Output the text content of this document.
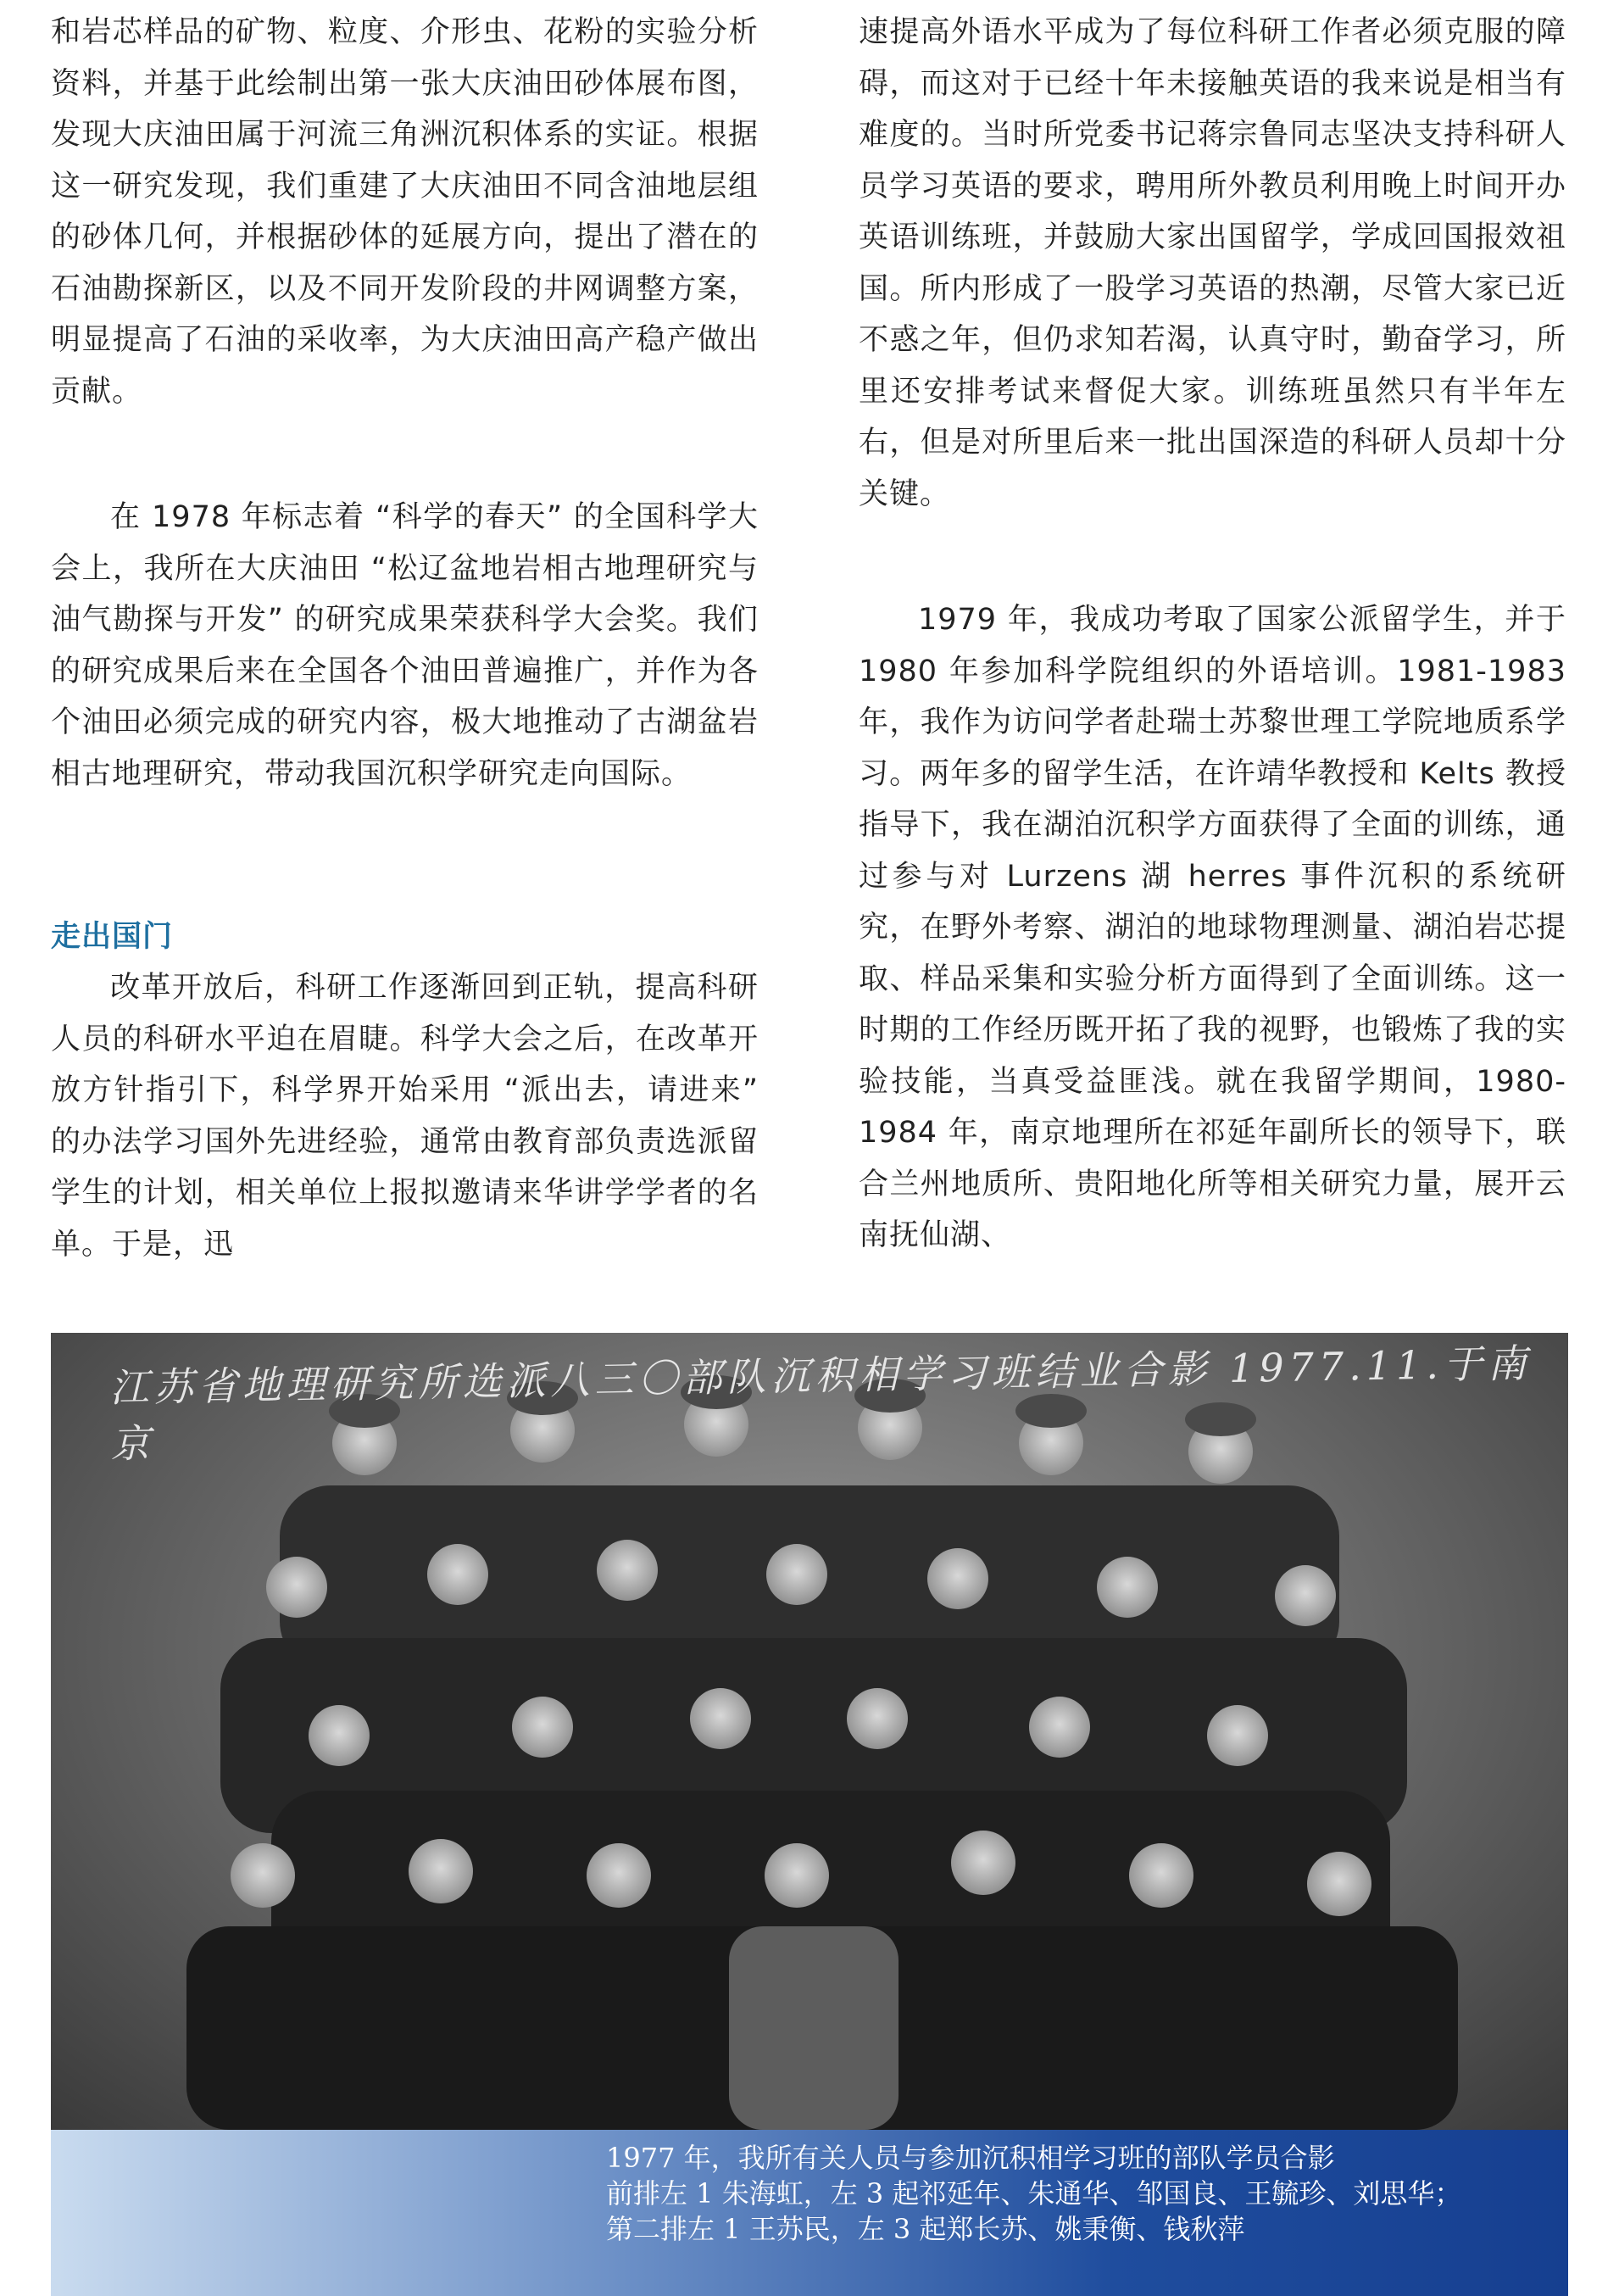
和岩芯样品的矿物、粒度、介形虫、花粉的实验分析资料，并基于此绘制出第一张大庆油田砂体展布图，发现大庆油田属于河流三角洲沉积体系的实证。根据这一研究发现，我们重建了大庆油田不同含油地层组的砂体几何，并根据砂体的延展方向，提出了潜在的石油勘探新区，以及不同开发阶段的井网调整方案，明显提高了石油的采收率，为大庆油田高产稳产做出贡献。

在 1978 年标志着 “科学的春天” 的全国科学大会上，我所在大庆油田 “松辽盆地岩相古地理研究与油气勘探与开发” 的研究成果荣获科学大会奖。我们的研究成果后来在全国各个油田普遍推广，并作为各个油田必须完成的研究内容，极大地推动了古湖盆岩相古地理研究，带动我国沉积学研究走向国际。

走出国门

改革开放后，科研工作逐渐回到正轨，提高科研人员的科研水平迫在眉睫。科学大会之后，在改革开放方针指引下，科学界开始采用 “派出去，请进来” 的办法学习国外先进经验，通常由教育部负责选派留学生的计划，相关单位上报拟邀请来华讲学学者的名单。于是，迅

速提高外语水平成为了每位科研工作者必须克服的障碍，而这对于已经十年未接触英语的我来说是相当有难度的。当时所党委书记蒋宗鲁同志坚决支持科研人员学习英语的要求，聘用所外教员利用晚上时间开办英语训练班，并鼓励大家出国留学，学成回国报效祖国。所内形成了一股学习英语的热潮，尽管大家已近不惑之年，但仍求知若渴，认真守时，勤奋学习，所里还安排考试来督促大家。训练班虽然只有半年左右，但是对所里后来一批出国深造的科研人员却十分关键。

1979 年，我成功考取了国家公派留学生，并于 1980 年参加科学院组织的外语培训。1981-1983 年，我作为访问学者赴瑞士苏黎世理工学院地质系学习。两年多的留学生活，在许靖华教授和 Kelts 教授指导下，我在湖泊沉积学方面获得了全面的训练，通过参与对 Lurzens 湖 herres 事件沉积的系统研究，在野外考察、湖泊的地球物理测量、湖泊岩芯提取、样品采集和实验分析方面得到了全面训练。这一时期的工作经历既开拓了我的视野，也锻炼了我的实验技能，当真受益匪浅。就在我留学期间，1980-1984 年，南京地理所在祁延年副所长的领导下，联合兰州地质所、贵阳地化所等相关研究力量，展开云南抚仙湖、

江苏省地理研究所选派八三〇部队沉积相学习班结业合影 1977.11.于南京
1977 年，我所有关人员与参加沉积相学习班的部队学员合影
前排左 1 朱海虹，左 3 起祁延年、朱通华、邹国良、王毓珍、刘思华；
第二排左 1 王苏民，左 3 起郑长苏、姚秉衡、钱秋萍
